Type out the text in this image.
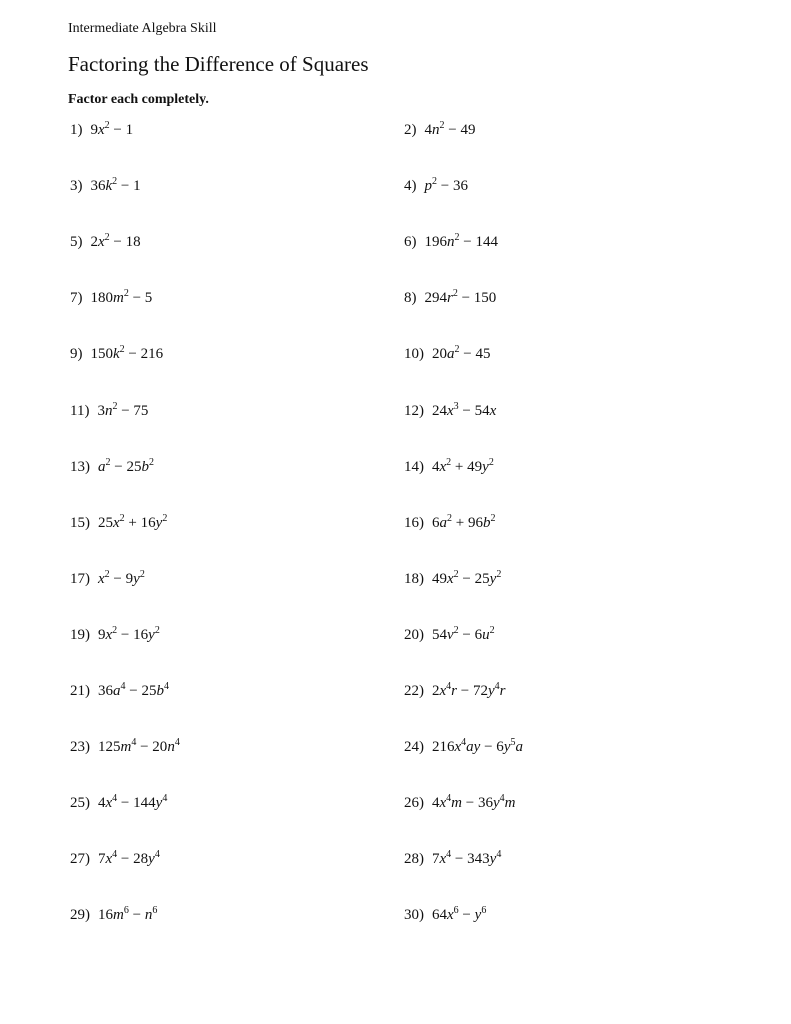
Intermediate Algebra Skill
Factoring the Difference of Squares
Factor each completely.
1) $9x^2 - 1$	2) $4n^2 - 49$
3) $36k^2 - 1$	4) $p^2 - 36$
5) $2x^2 - 18$	6) $196n^2 - 144$
7) $180m^2 - 5$	8) $294r^2 - 150$
9) $150k^2 - 216$	10) $20a^2 - 45$
11) $3n^2 - 75$	12) $24x^3 - 54x$
13) $a^2 - 25b^2$	14) $4x^2 + 49y^2$
15) $25x^2 + 16y^2$	16) $6a^2 + 96b^2$
17) $x^2 - 9y^2$	18) $49x^2 - 25y^2$
19) $9x^2 - 16y^2$	20) $54v^2 - 6u^2$
21) $36a^4 - 25b^4$	22) $2x^4r - 72y^4r$
23) $125m^4 - 20n^4$	24) $216x^4ay - 6y^5a$
25) $4x^4 - 144y^4$	26) $4x^4m - 36y^4m$
27) $7x^4 - 28y^4$	28) $7x^4 - 343y^4$
29) $16m^6 - n^6$	30) $64x^6 - y^6$
